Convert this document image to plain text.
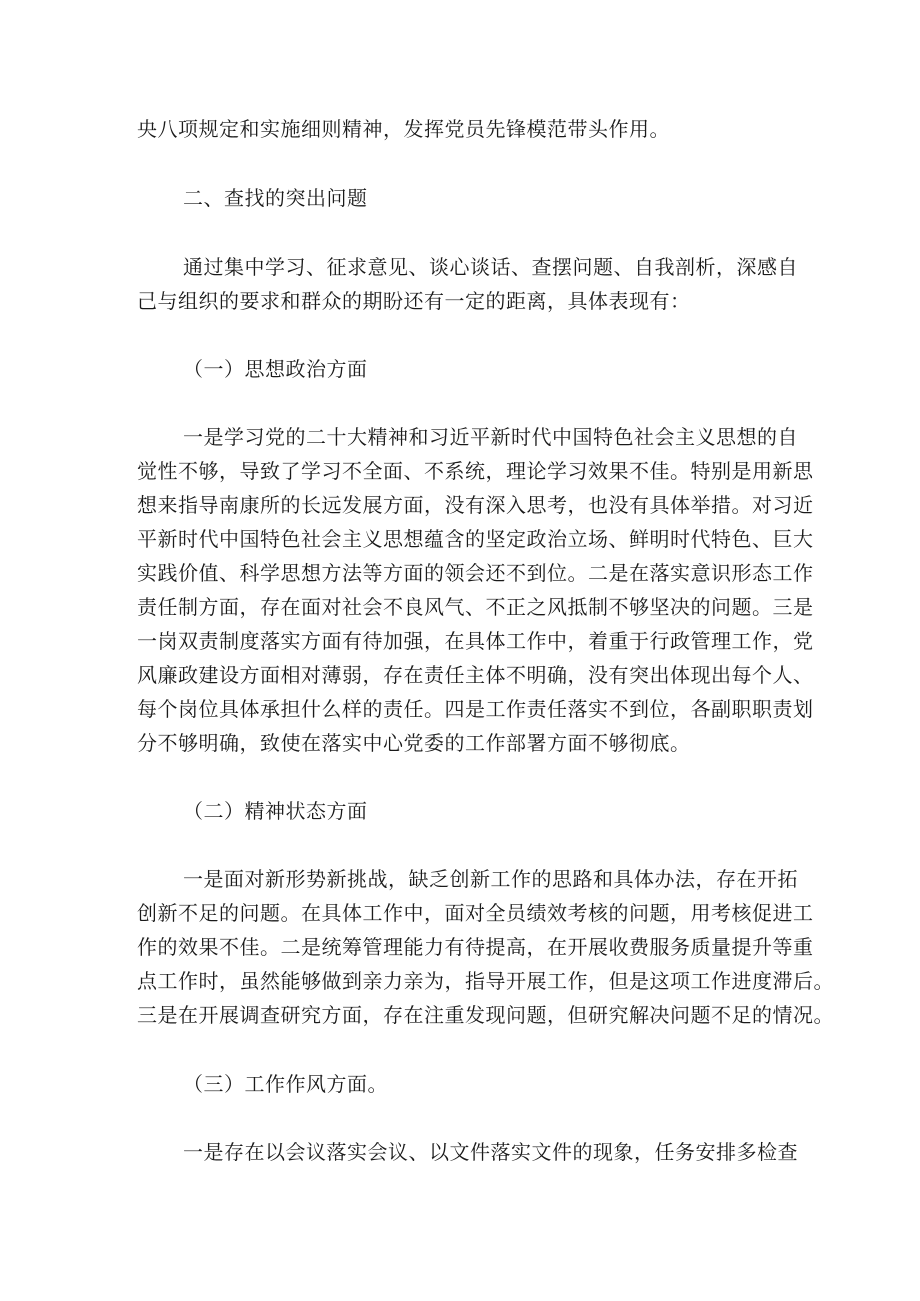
央八项规定和实施细则精神，发挥党员先锋模范带头作用。
二、查找的突出问题
通过集中学习、征求意见、谈心谈话、查摆问题、自我剖析，深感自
己与组织的要求和群众的期盼还有一定的距离，具体表现有：
（一）思想政治方面
一是学习党的二十大精神和习近平新时代中国特色社会主义思想的自
觉性不够，导致了学习不全面、不系统，理论学习效果不佳。特别是用新思
想来指导南康所的长远发展方面，没有深入思考，也没有具体举措。对习近
平新时代中国特色社会主义思想蕴含的坚定政治立场、鲜明时代特色、巨大
实践价值、科学思想方法等方面的领会还不到位。二是在落实意识形态工作
责任制方面，存在面对社会不良风气、不正之风抵制不够坚决的问题。三是
一岗双责制度落实方面有待加强，在具体工作中，着重于行政管理工作，党
风廉政建设方面相对薄弱，存在责任主体不明确，没有突出体现出每个人、
每个岗位具体承担什么样的责任。四是工作责任落实不到位，各副职职责划
分不够明确，致使在落实中心党委的工作部署方面不够彻底。
（二）精神状态方面
一是面对新形势新挑战，缺乏创新工作的思路和具体办法，存在开拓
创新不足的问题。在具体工作中，面对全员绩效考核的问题，用考核促进工
作的效果不佳。二是统筹管理能力有待提高，在开展收费服务质量提升等重
点工作时，虽然能够做到亲力亲为，指导开展工作，但是这项工作进度滞后。
三是在开展调查研究方面，存在注重发现问题，但研究解决问题不足的情况。
（三）工作作风方面。
一是存在以会议落实会议、以文件落实文件的现象，任务安排多检查
